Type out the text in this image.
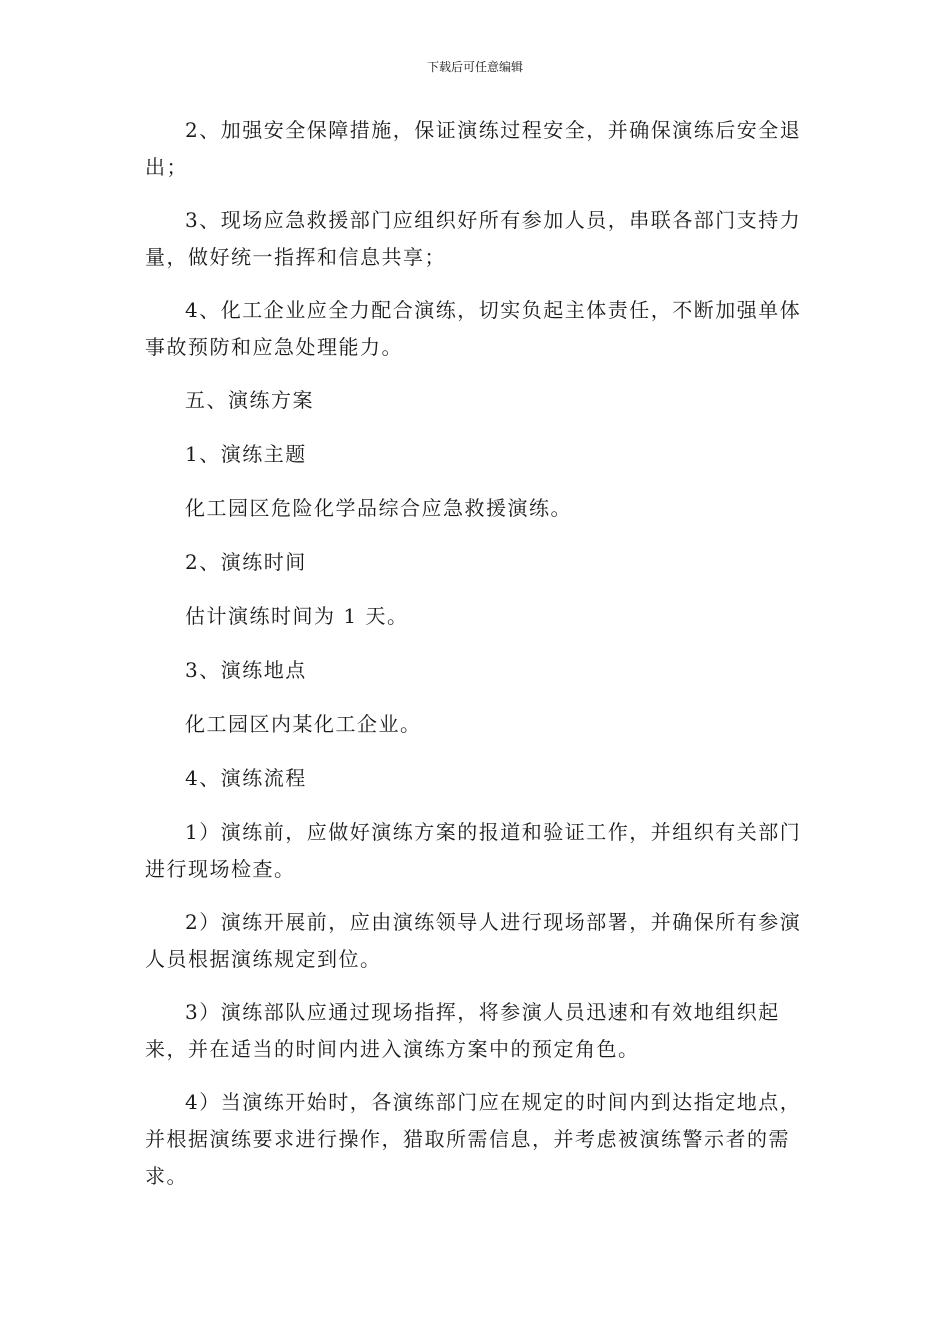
下载后可任意编辑

2、加强安全保障措施，保证演练过程安全，并确保演练后安全退出；

3、现场应急救援部门应组织好所有参加人员，串联各部门支持力量，做好统一指挥和信息共享；

4、化工企业应全力配合演练，切实负起主体责任，不断加强单体事故预防和应急处理能力。

五、演练方案

1、演练主题

化工园区危险化学品综合应急救援演练。

2、演练时间

估计演练时间为 1 天。

3、演练地点

化工园区内某化工企业。

4、演练流程

1）演练前，应做好演练方案的报道和验证工作，并组织有关部门进行现场检查。

2）演练开展前，应由演练领导人进行现场部署，并确保所有参演人员根据演练规定到位。

3）演练部队应通过现场指挥，将参演人员迅速和有效地组织起来，并在适当的时间内进入演练方案中的预定角色。

4）当演练开始时，各演练部门应在规定的时间内到达指定地点，并根据演练要求进行操作，猎取所需信息，并考虑被演练警示者的需求。
